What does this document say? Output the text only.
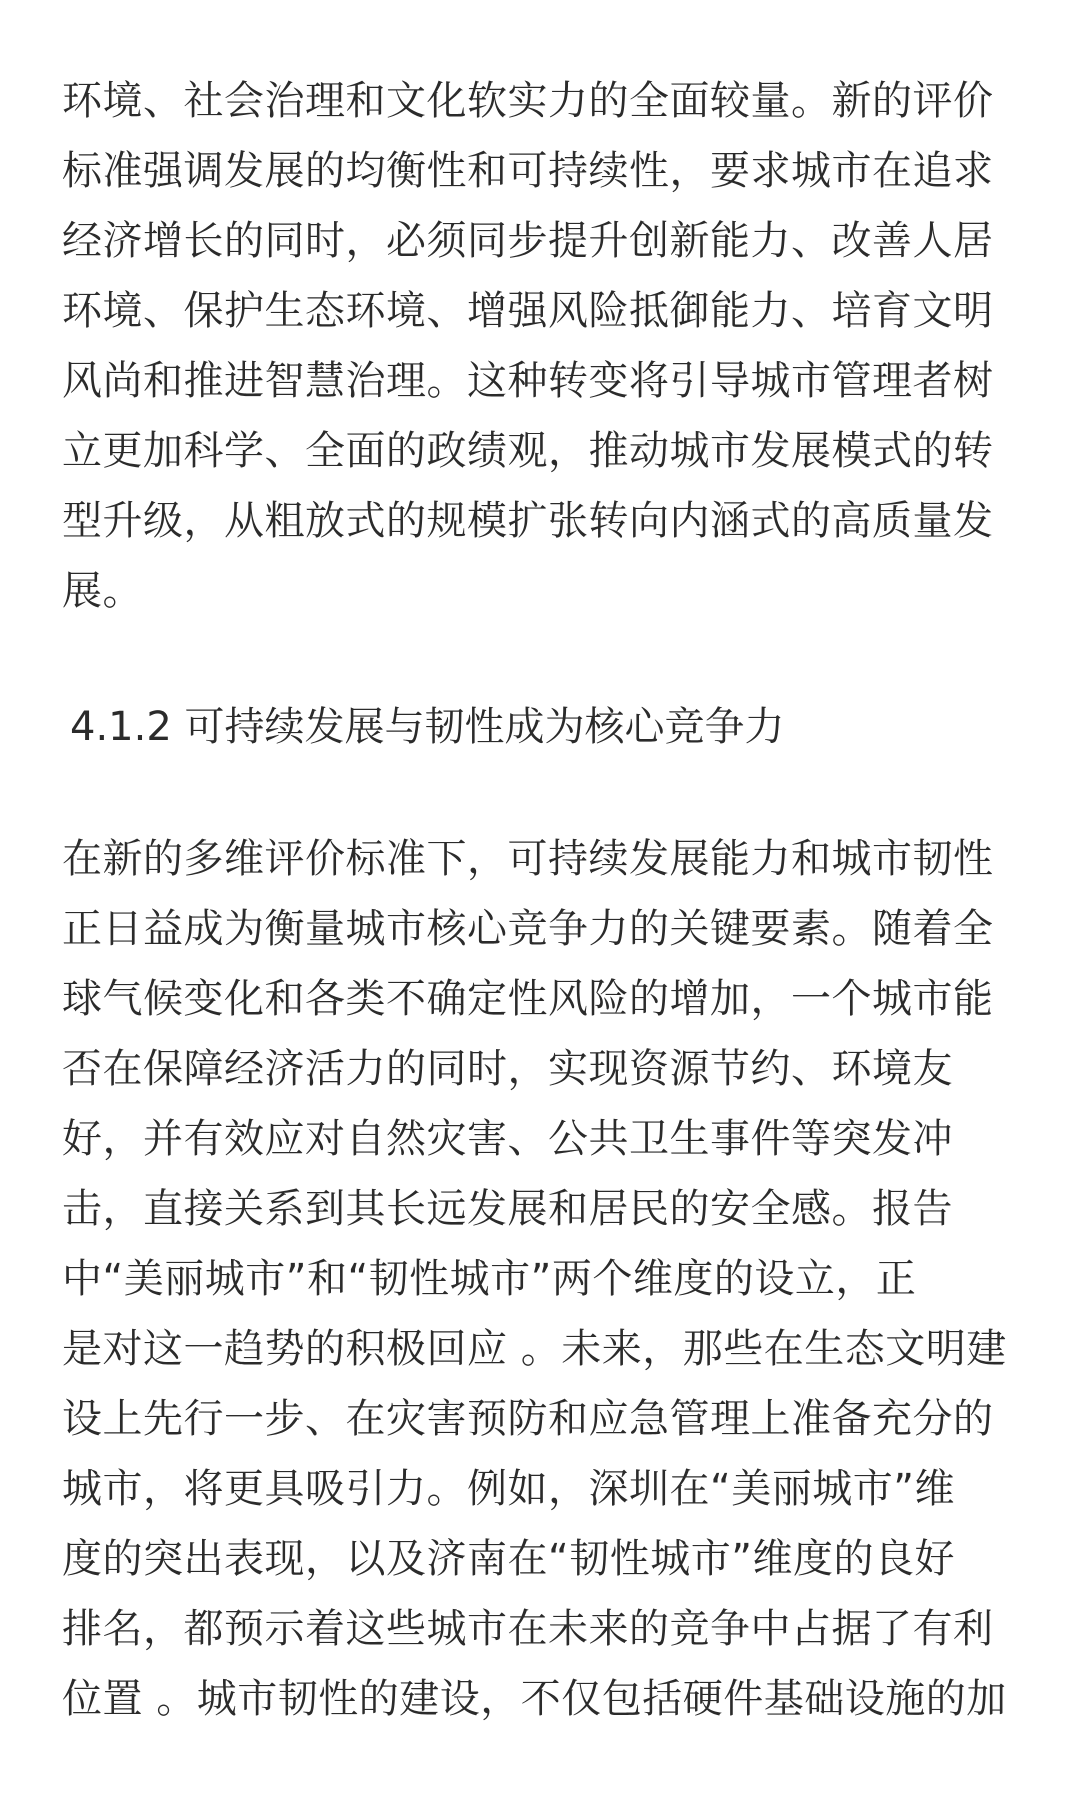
环境、社会治理和文化软实力的全面较量。新的评价
标准强调发展的均衡性和可持续性，要求城市在追求
经济增长的同时，必须同步提升创新能力、改善人居
环境、保护生态环境、增强风险抵御能力、培育文明
风尚和推进智慧治理。这种转变将引导城市管理者树
立更加科学、全面的政绩观，推动城市发展模式的转
型升级，从粗放式的规模扩张转向内涵式的高质量发
展。

4.1.2 可持续发展与韧性成为核心竞争力

在新的多维评价标准下，可持续发展能力和城市韧性
正日益成为衡量城市核心竞争力的关键要素。随着全
球气候变化和各类不确定性风险的增加，一个城市能
否在保障经济活力的同时，实现资源节约、环境友
好，并有效应对自然灾害、公共卫生事件等突发冲
击，直接关系到其长远发展和居民的安全感。报告
中“美丽城市”和“韧性城市”两个维度的设立，正
是对这一趋势的积极回应 。未来，那些在生态文明建
设上先行一步、在灾害预防和应急管理上准备充分的
城市，将更具吸引力。例如，深圳在“美丽城市”维
度的突出表现，以及济南在“韧性城市”维度的良好
排名，都预示着这些城市在未来的竞争中占据了有利
位置 。城市韧性的建设，不仅包括硬件基础设施的加
